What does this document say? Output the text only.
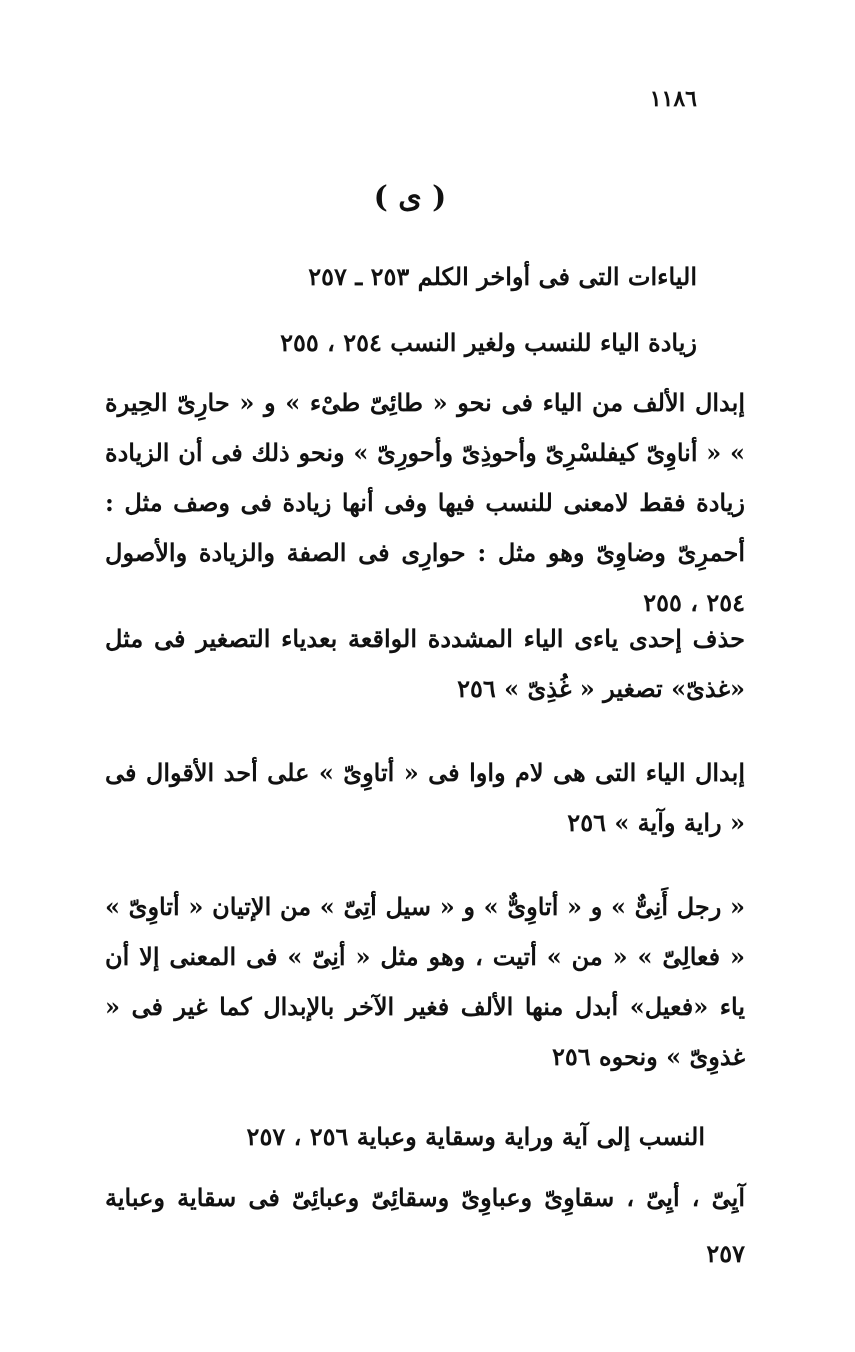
١١٨٦
( ى )
الياءات التى فى أواخر الكلم ٢٥٣ ـ ٢٥٧
زيادة الياء للنسب ولغير النسب ٢٥٤ ، ٢٥٥
إبدال الألف من الياء فى نحو « طائِىّ طىْء » و « حارِىّ الحِيرة » « أناوِىّ كيفلسْرِىّ وأحوذِىّ وأحورِىّ » ونحو ذلك فى أن الزيادة زيادة فقط لامعنى للنسب فيها وفى أنها زيادة فى وصف مثل : أحمرِىّ وضاوِىّ وهو مثل : حوارِى فى الصفة والزيادة والأصول ٢٥٤ ، ٢٥٥
حذف إحدى ياءى الياء المشددة الواقعة بعدياء التصغير فى مثل «غذىّ» تصغير « غُذِىّ » ٢٥٦
إبدال الياء التى هى لام واوا فى « أتاوِىّ » على أحد الأقوال فى « راية وآية » ٢٥٦
« رجل أَنِىٌّ » و « أتاوِىٌّ » و « سيل أتِىّ » من الإتيان « أتاوِىّ » « فعالِىّ » « من » أتيت ، وهو مثل « أنِىّ » فى المعنى إلا أن ياء «فعيل» أبدل منها الألف فغير الآخر بالإبدال كما غير فى « غذوِىّ » ونحوه ٢٥٦
النسب إلى آية وراية وسقاية وعباية ٢٥٦ ، ٢٥٧
آيِىّ ، أيِىّ ، سقاوِىّ وعباوِىّ وسقائِىّ وعبائِىّ فى سقاية وعباية ٢٥٧
